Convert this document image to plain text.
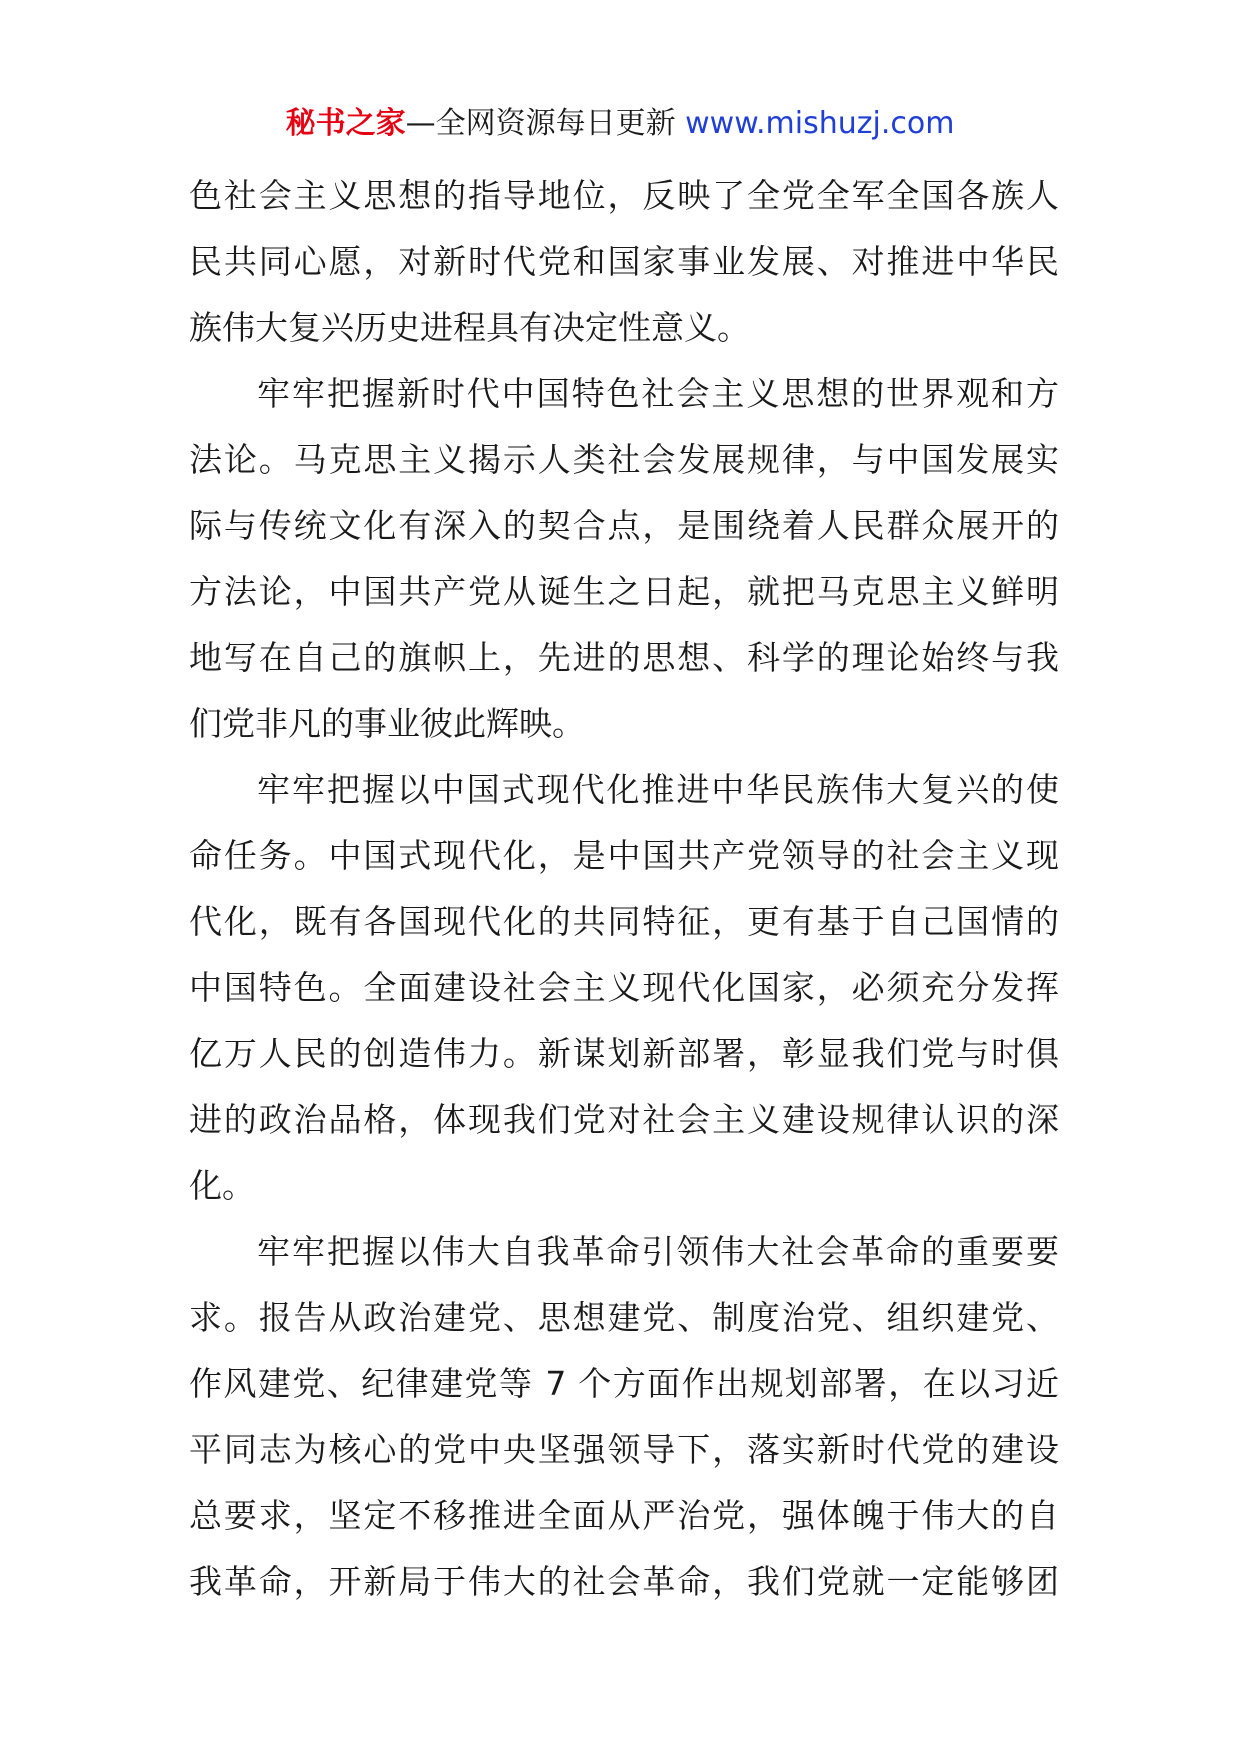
秘书之家—全网资源每日更新 www.mishuzj.com
色社会主义思想的指导地位，反映了全党全军全国各族人
民共同心愿，对新时代党和国家事业发展、对推进中华民
族伟大复兴历史进程具有决定性意义。
牢牢把握新时代中国特色社会主义思想的世界观和方
法论。马克思主义揭示人类社会发展规律，与中国发展实
际与传统文化有深入的契合点，是围绕着人民群众展开的
方法论，中国共产党从诞生之日起，就把马克思主义鲜明
地写在自己的旗帜上，先进的思想、科学的理论始终与我
们党非凡的事业彼此辉映。
牢牢把握以中国式现代化推进中华民族伟大复兴的使
命任务。中国式现代化，是中国共产党领导的社会主义现
代化，既有各国现代化的共同特征，更有基于自己国情的
中国特色。全面建设社会主义现代化国家，必须充分发挥
亿万人民的创造伟力。新谋划新部署，彰显我们党与时俱
进的政治品格，体现我们党对社会主义建设规律认识的深
化。
牢牢把握以伟大自我革命引领伟大社会革命的重要要
求。报告从政治建党、思想建党、制度治党、组织建党、
作风建党、纪律建党等 7 个方面作出规划部署，在以习近
平同志为核心的党中央坚强领导下，落实新时代党的建设
总要求，坚定不移推进全面从严治党，强体魄于伟大的自
我革命，开新局于伟大的社会革命，我们党就一定能够团
